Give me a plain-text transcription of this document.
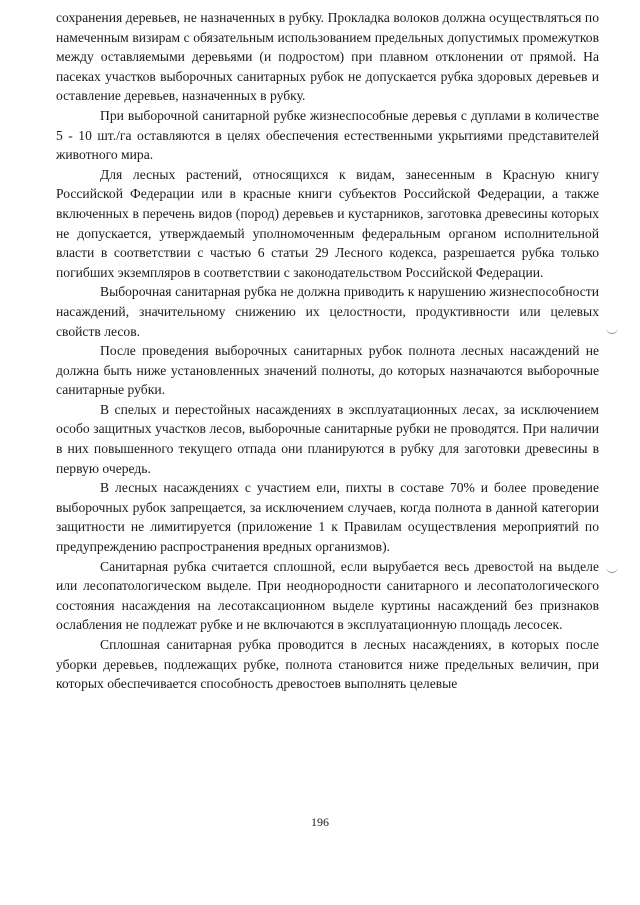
сохранения деревьев, не назначенных в рубку. Прокладка волоков должна осуществляться по намеченным визирам с обязательным использованием предельных допустимых промежутков между оставляемыми деревьями (и подростом) при плавном отклонении от прямой. На пасеках участков выборочных санитарных рубок не допускается рубка здоровых деревьев и оставление деревьев, назначенных в рубку.

При выборочной санитарной рубке жизнеспособные деревья с дуплами в количестве 5 - 10 шт./га оставляются в целях обеспечения естественными укрытиями представителей животного мира.

Для лесных растений, относящихся к видам, занесенным в Красную книгу Российской Федерации или в красные книги субъектов Российской Федерации, а также включенных в перечень видов (пород) деревьев и кустарников, заготовка древесины которых не допускается, утверждаемый уполномоченным федеральным органом исполнительной власти в соответствии с частью 6 статьи 29 Лесного кодекса, разрешается рубка только погибших экземпляров в соответствии с законодательством Российской Федерации.

Выборочная санитарная рубка не должна приводить к нарушению жизнеспособности насаждений, значительному снижению их целостности, продуктивности или целевых свойств лесов.

После проведения выборочных санитарных рубок полнота лесных насаждений не должна быть ниже установленных значений полноты, до которых назначаются выборочные санитарные рубки.

В спелых и перестойных насаждениях в эксплуатационных лесах, за исключением особо защитных участков лесов, выборочные санитарные рубки не проводятся. При наличии в них повышенного текущего отпада они планируются в рубку для заготовки древесины в первую очередь.

В лесных насаждениях с участием ели, пихты в составе 70% и более проведение выборочных рубок запрещается, за исключением случаев, когда полнота в данной категории защитности не лимитируется (приложение 1 к Правилам осуществления мероприятий по предупреждению распространения вредных организмов).

Санитарная рубка считается сплошной, если вырубается весь древостой на выделе или лесопатологическом выделе. При неоднородности санитарного и лесопатологического состояния насаждения на лесотаксационном выделе куртины насаждений без признаков ослабления не подлежат рубке и не включаются в эксплуатационную площадь лесосек.

Сплошная санитарная рубка проводится в лесных насаждениях, в которых после уборки деревьев, подлежащих рубке, полнота становится ниже предельных величин, при которых обеспечивается способность древостоев выполнять целевые

196
